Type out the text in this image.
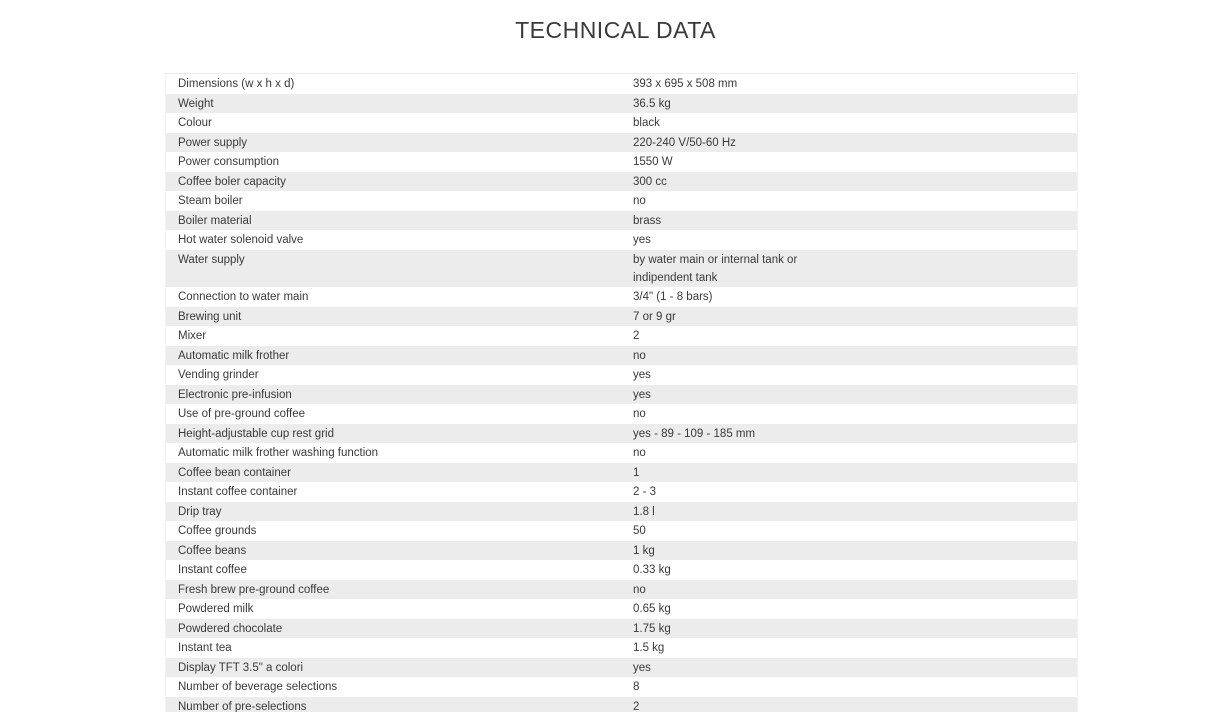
TECHNICAL DATA
Dimensions (w x h x d)	393 x 695 x 508 mm
Weight	36.5 kg
Colour	black
Power supply	220-240 V/50-60 Hz
Power consumption	1550 W
Coffee boler capacity	300 cc
Steam boiler	no
Boiler material	brass
Hot water solenoid valve	yes
Water supply	by water main or internal tank or
indipendent tank
Connection to water main	3/4" (1 - 8 bars)
Brewing unit	7 or 9 gr
Mixer	2
Automatic milk frother	no
Vending grinder	yes
Electronic pre-infusion	yes
Use of pre-ground coffee	no
Height-adjustable cup rest grid	yes - 89 - 109 - 185 mm
Automatic milk frother washing function	no
Coffee bean container	1
Instant coffee container	2 - 3
Drip tray	1.8 l
Coffee grounds	50
Coffee beans	1 kg
Instant coffee	0.33 kg
Fresh brew pre-ground coffee	no
Powdered milk	0.65 kg
Powdered chocolate	1.75 kg
Instant tea	1.5 kg
Display TFT 3.5" a colori	yes
Number of beverage selections	8
Number of pre-selections	2
